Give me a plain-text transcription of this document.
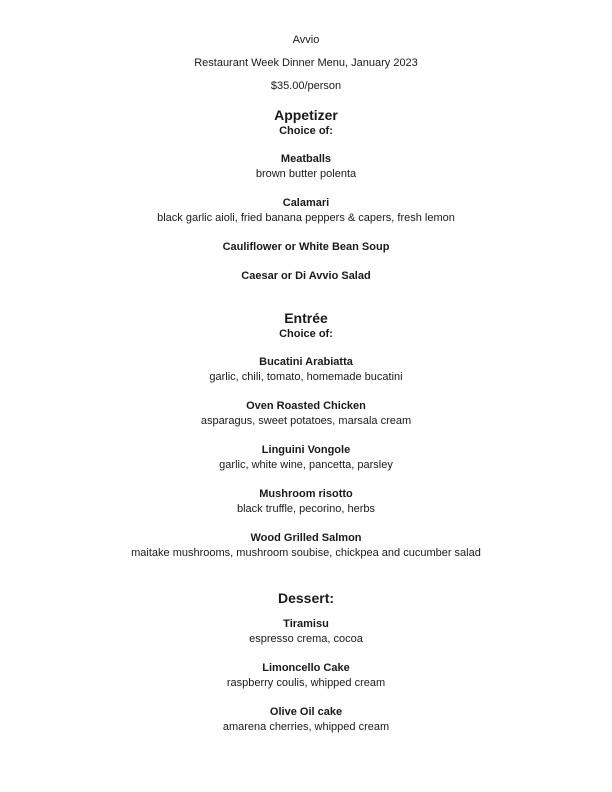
Avvio

Restaurant Week Dinner Menu, January 2023

$35.00/person

Appetizer

Choice of:

Meatballs

brown butter polenta

Calamari

black garlic aioli, fried banana peppers & capers, fresh lemon

Cauliflower or White Bean Soup

Caesar or Di Avvio Salad

Entrée

Choice of:

Bucatini Arabiatta

garlic, chili, tomato, homemade bucatini

Oven Roasted Chicken

asparagus, sweet potatoes, marsala cream

Linguini Vongole

garlic, white wine, pancetta, parsley

Mushroom risotto

black truffle, pecorino, herbs

Wood Grilled Salmon

maitake mushrooms, mushroom soubise, chickpea and cucumber salad

Dessert:

Tiramisu

espresso crema, cocoa

Limoncello Cake

raspberry coulis, whipped cream

Olive Oil cake

amarena cherries, whipped cream
